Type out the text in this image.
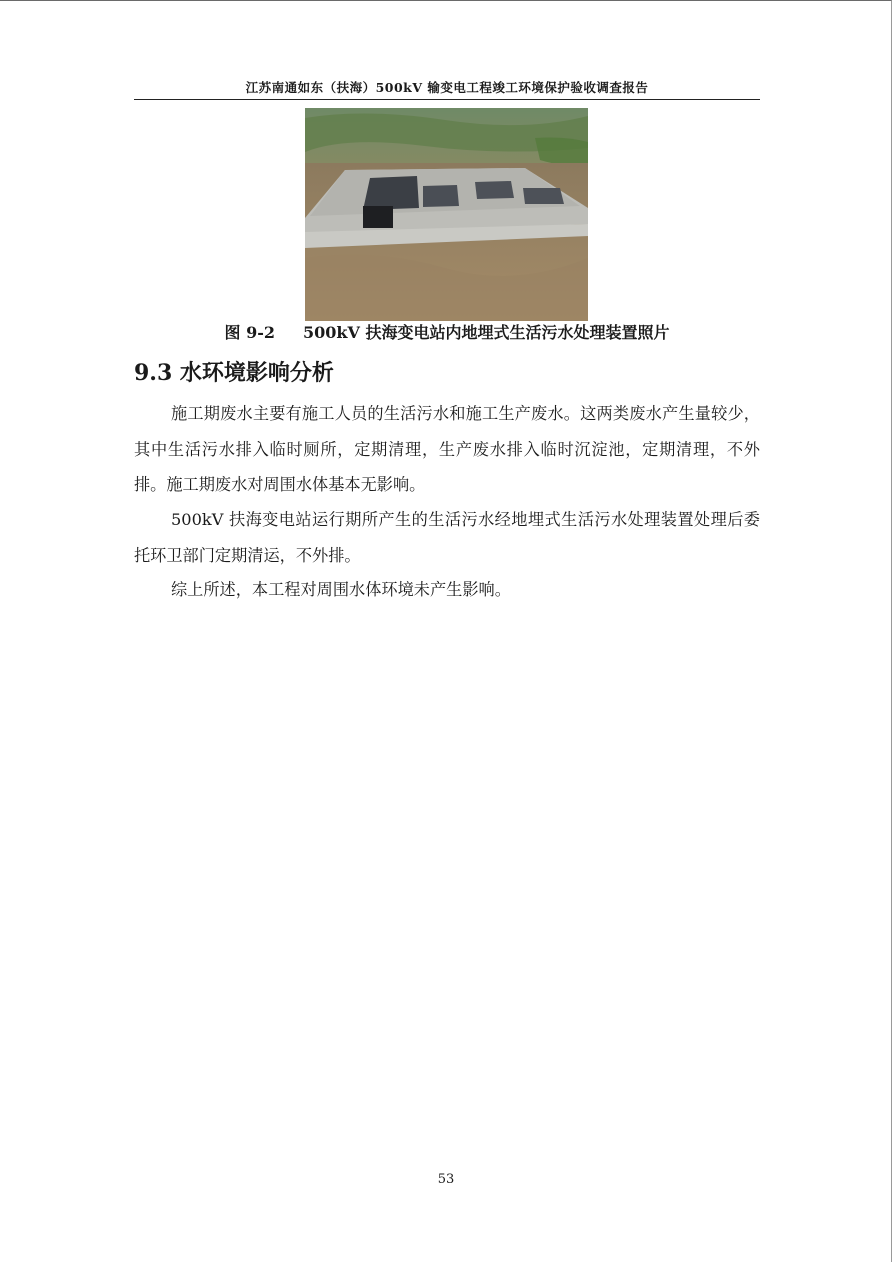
江苏南通如东（扶海）500kV 输变电工程竣工环境保护验收调查报告
图 9-2 500kV 扶海变电站内地埋式生活污水处理装置照片
9.3 水环境影响分析

施工期废水主要有施工人员的生活污水和施工生产废水。这两类废水产生量较少，其中生活污水排入临时厕所，定期清理，生产废水排入临时沉淀池，定期清理，不外排。施工期废水对周围水体基本无影响。

500kV 扶海变电站运行期所产生的生活污水经地埋式生活污水处理装置处理后委托环卫部门定期清运，不外排。

综上所述，本工程对周围水体环境未产生影响。

53
